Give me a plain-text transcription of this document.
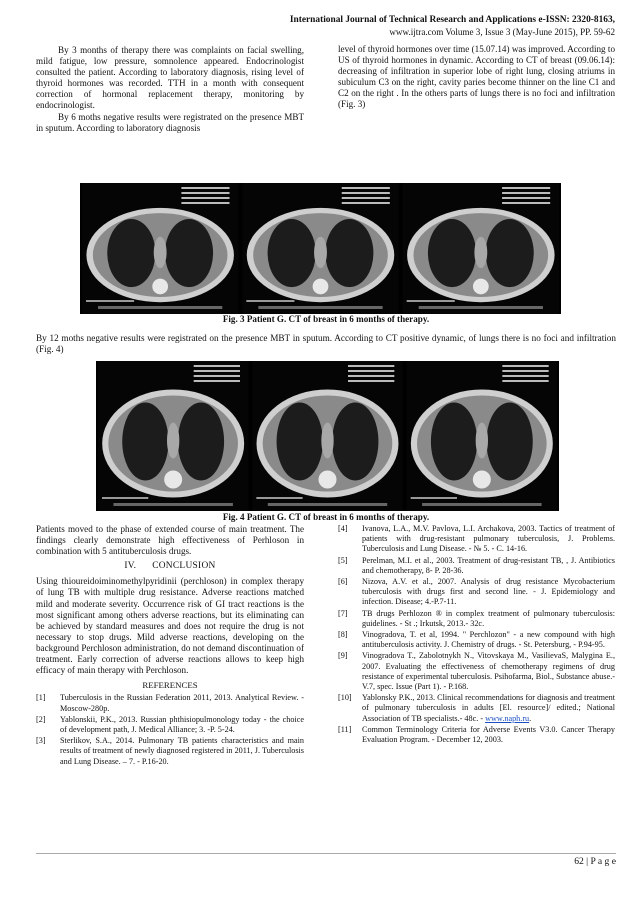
International Journal of Technical Research and Applications e-ISSN: 2320-8163,
www.ijtra.com Volume 3, Issue 3 (May-June 2015), PP. 59-62

By 3 months of therapy there was complaints on facial swelling, mild fatigue, low pressure, somnolence appeared. Endocrinologist consulted the patient. According to laboratory diagnosis, rising level of thyroid hormones was recorded. TTH in a month with consequent correction of hormonal replacement therapy, monitoring by endocrinologist.

By 6 moths negative results were registrated on the presence MBT in sputum. According to laboratory diagnosis

level of thyroid hormones over time (15.07.14) was improved. According to US of thyroid hormones in dynamic. According to CT of breast (09.06.14): decreasing of infiltration in superior lobe of right lung, closing atriums in subiculum C3 on the right, cavity paries become thinner on the line C1 and C2 on the right . In the others parts of lungs there is no foci and infiltration (Fig. 3)

Fig. 3 Patient G. CT of breast in 6 months of therapy.
By 12 moths negative results were registrated on the presence MBT in sputum. According to CT positive dynamic, of lungs there is no foci and infiltration (Fig. 4)
Fig. 4 Patient G. CT of breast in 6 months of therapy.

Patients moved to the phase of extended course of main treatment. The findings clearly demonstrate high effectiveness of Perhloson in combination with 5 antituberculosis drugs.

IV. CONCLUSION

Using thioureidoiminomethylpyridinii (perchloson) in complex therapy of lung TB with multiple drug resistance. Adverse reactions matched mild and moderate severity. Occurrence risk of GI tract reactions is the most significant among others adverse reactions, but its eliminating can be achieved by standard measures and does not require the drug is not necessary to stop drugs. Mild adverse reactions, developing on the background Perchloson administration, do not demand discontinuation of treatment. Early correction of adverse reactions allows to keep high efficacy of main therapy with Perchloson.

REFERENCES
[1]	Tuberculosis in the Russian Federation 2011, 2013. Analytical Review. - Moscow-280p.
[2]	Yablonskii, P.K., 2013. Russian phthisiopulmonology today - the choice of development path, J. Medical Alliance; 3. -P. 5-24.
[3]	Sterlikov, S.A., 2014. Pulmonary TB patients characteristics and main results of treatment of newly diagnosed registered in 2011, J. Tuberculosis and Lung Disease. – 7. - P.16-20.
[4]	Ivanova, L.A., M.V. Pavlova, L.I. Archakova, 2003. Tactics of treatment of patients with drug-resistant pulmonary tuberculosis, J. Problems. Tuberculosis and Lung Disease. - № 5. - С. 14-16.
[5]	Perelman, M.I. et al., 2003. Treatment of drug-resistant TB, , J. Antibiotics and chemotherapy, 8- P. 28-36.
[6]	Nizova, A.V. et al., 2007. Analysis of drug resistance Mycobacterium tuberculosis with drugs first and second line. - J. Epidemiology and infection. Disease; 4.-P.7-11.
[7]	TB drugs Perhlozon ® in complex treatment of pulmonary tuberculosis: guidelines. - St .; Irkutsk, 2013.- 32c.
[8]	Vinogradova, T. et al, 1994. " Perchlozon" - a new compound with high antituberculosis activity. J. Chemistry of drugs. - St. Petersburg, - P.94-95.
[9]	Vinogradova T., Zabolotnykh N., Vitovskaya M., VasilievaS, Malygina E., 2007. Evaluating the effectiveness of chemotherapy regimens of drug resistance of experimental tuberculosis. Psihofarma, Biol., Substance abuse.- V.7, spec. Issue (Part 1). - P.168.
[10]	Yablonsky P.K., 2013. Clinical recommendations for diagnosis and treatment of pulmonary tuberculosis in adults [El. resource]/ edited.; National Association of TB specialists.- 48c. - www.naph.ru.
[11]	Common Terminology Criteria for Adverse Events V3.0. Cancer Therapy Evaluation Program. - December 12, 2003.
62 | P a g e
